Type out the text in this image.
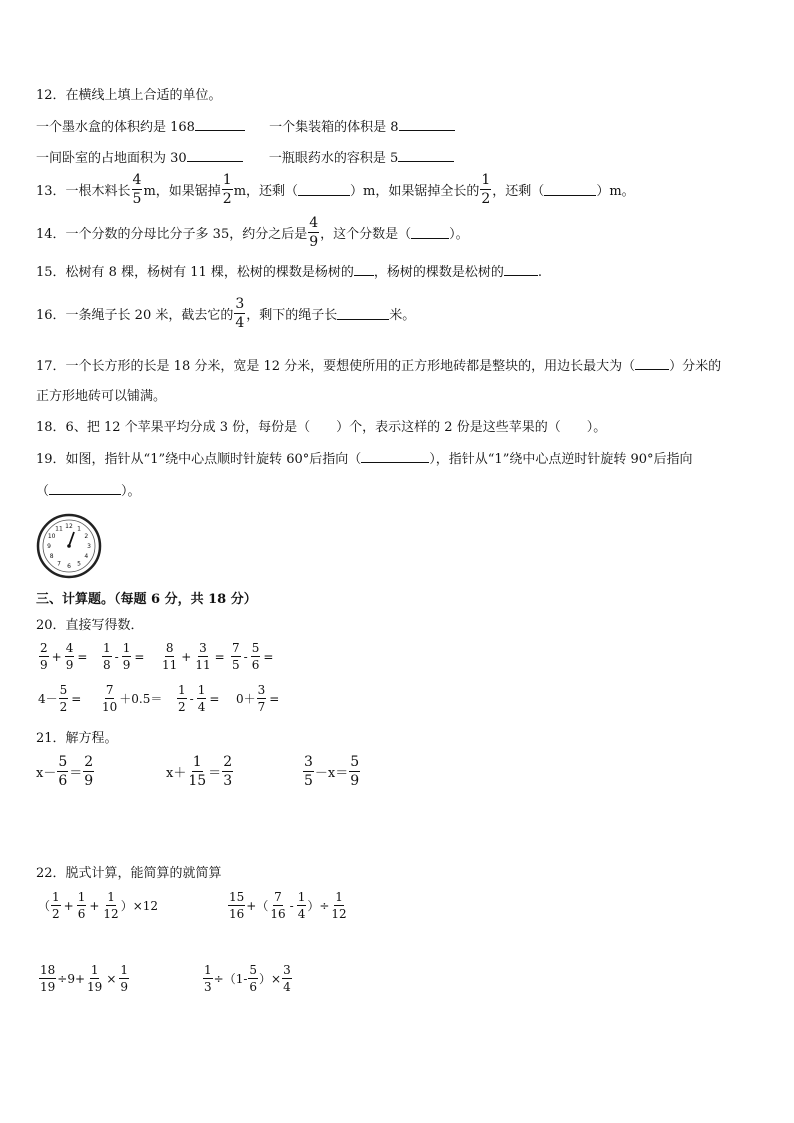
12．在横线上填上合适的单位。
一个墨水盒的体积约是 168	一个集装箱的体积是 8
一间卧室的占地面积为 30	一瓶眼药水的容积是 5
13．一根木料长
4
5 m，如果锯掉
1
2 m，还剩（	）m，如果锯掉全长的
1
2 ，还剩（	）m。
14．一个分数的分母比分子多 35，约分之后是
4
9 ，这个分数是（	）。
15．松树有 8 棵，杨树有 11 棵，松树的棵数是杨树的 ，杨树的棵数是松树的	.
16．一条绳子长 20 米，截去它的
3
4 ，剩下的绳子长	米。
17．一个长方形的长是 18 分米，宽是 12 分米，要想使所用的正方形地砖都是整块的，用边长最大为（	）分米的
正方形地砖可以铺满。
18．6、把 12 个苹果平均分成 3 份，每份是（　　）个，表示这样的 2 份是这些苹果的（　　）。
19．如图，指针从“1”绕中心点顺时针旋转 60°后指向（	），指针从“1”绕中心点逆时针旋转 90°后指向
（	）。
12 1
2
3
4
5
6
7
8
9
10
11
三、计算题。（每题 6 分，共 18 分）
20．直接写得数．
2
9
+ $\frac{4}{9}$ =
1
8
- $\frac{1}{9}$ =
8
11
+ $\frac{3}{11}$ =
7
5
- $\frac{5}{6}$ =
$4- \frac{5}{2}$ =
7
10
＋0.5＝
1
2
- $\frac{1}{4} = 0+ \frac{3}{7}$ =
21．解方程。
x－
5
6 ＝
2
9	x＋
1
15 ＝
2
3
3
5 －x＝
5
9
22．脱式计算，能简算的就简算
（
1
2
+ $\frac{1}{6} + \frac{1}{12} )\times 12$
15
16
+（
7
16
-
1
4
）÷ $\frac{1}{12}$
$\frac{18}{19} \div 9+ \frac{1}{19} \times \frac{1}{9}$	$\frac{1}{3} \div(1-$
5
6
）× $\frac{3}{4}$
